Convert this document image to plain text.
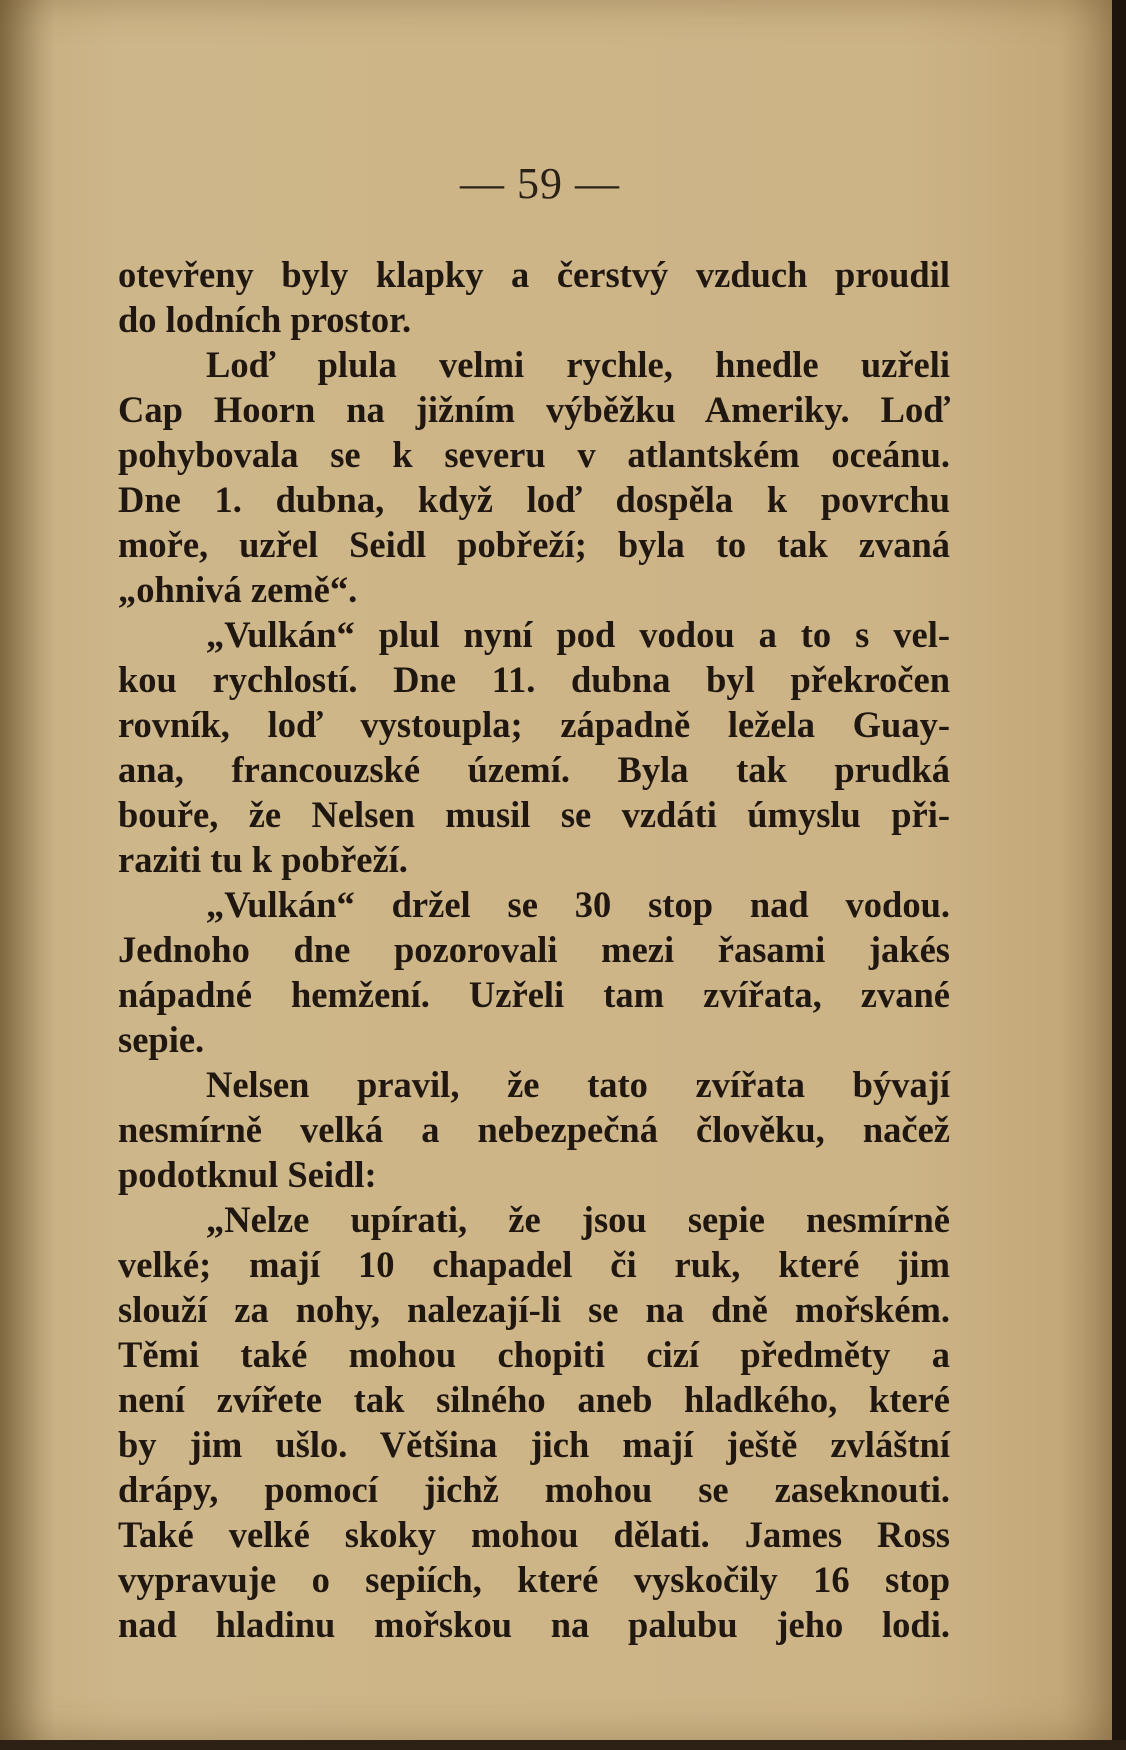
— 59 —
otevřeny byly klapky a čerstvý vzduch proudil
do lodních prostor.
Loď plula velmi rychle, hnedle uzřeli
Cap Hoorn na jižním výběžku Ameriky. Loď
pohybovala se k severu v atlantském oceánu.
Dne 1. dubna, když loď dospěla k povrchu
moře, uzřel Seidl pobřeží; byla to tak zvaná
„ohnivá země“.
„Vulkán“ plul nyní pod vodou a to s vel-
kou rychlostí. Dne 11. dubna byl překročen
rovník, loď vystoupla; západně ležela Guay-
ana, francouzské území. Byla tak prudká
bouře, že Nelsen musil se vzdáti úmyslu při-
raziti tu k pobřeží.
„Vulkán“ držel se 30 stop nad vodou.
Jednoho dne pozorovali mezi řasami jakés
nápadné hemžení. Uzřeli tam zvířata, zvané
sepie.
Nelsen pravil, že tato zvířata bývají
nesmírně velká a nebezpečná člověku, načež
podotknul Seidl:
„Nelze upírati, že jsou sepie nesmírně
velké; mají 10 chapadel či ruk, které jim
slouží za nohy, nalezají-li se na dně mořském.
Těmi také mohou chopiti cizí předměty a
není zvířete tak silného aneb hladkého, které
by jim ušlo. Většina jich mají ještě zvláštní
drápy, pomocí jichž mohou se zaseknouti.
Také velké skoky mohou dělati. James Ross
vypravuje o sepiích, které vyskočily 16 stop
nad hladinu mořskou na palubu jeho lodi.
